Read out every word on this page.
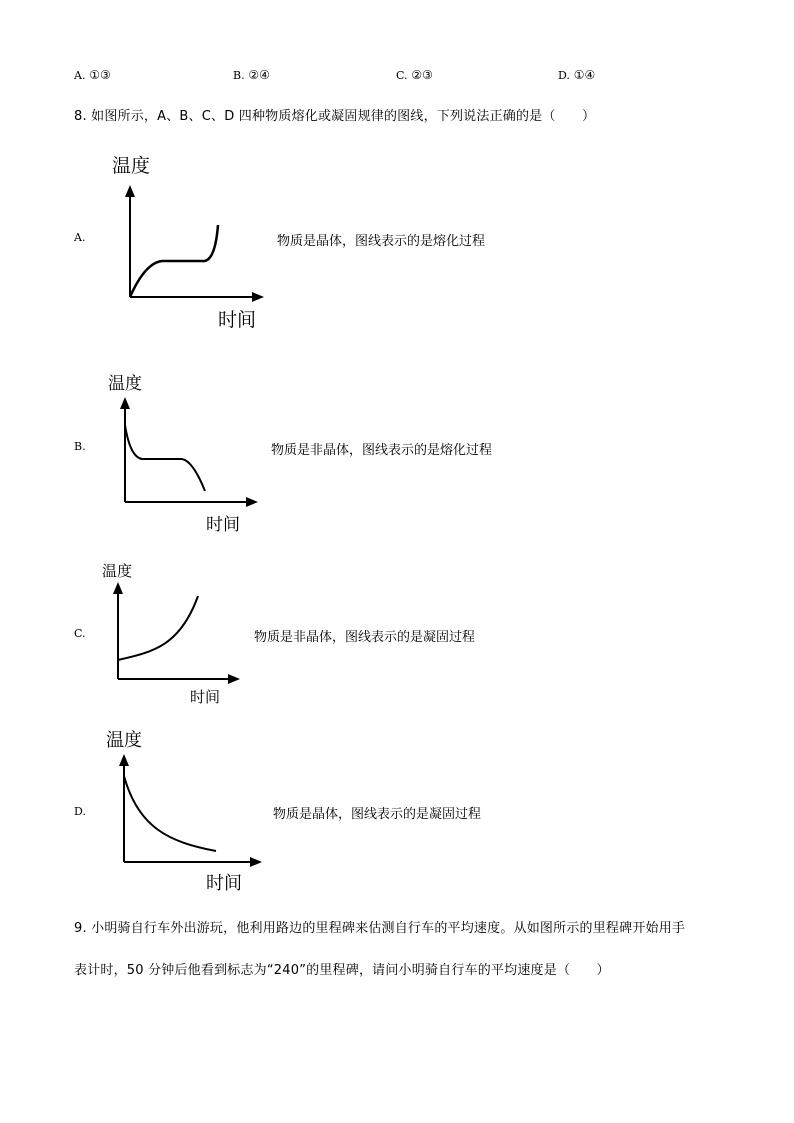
A. ①③	B. ②④	C. ②③	D. ①④
8. 如图所示，A、B、C、D 四种物质熔化或凝固规律的图线，下列说法正确的是（　　）
A.
温度
时间
物质是晶体，图线表示的是熔化过程
B.
温度
时间
物质是非晶体，图线表示的是熔化过程
C.
温度
时间
物质是非晶体，图线表示的是凝固过程
D.
温度
时间
物质是晶体，图线表示的是凝固过程
9. 小明骑自行车外出游玩，他利用路边的里程碑来估测自行车的平均速度。从如图所示的里程碑开始用手
表计时，50 分钟后他看到标志为“240”的里程碑，请问小明骑自行车的平均速度是（　　）
